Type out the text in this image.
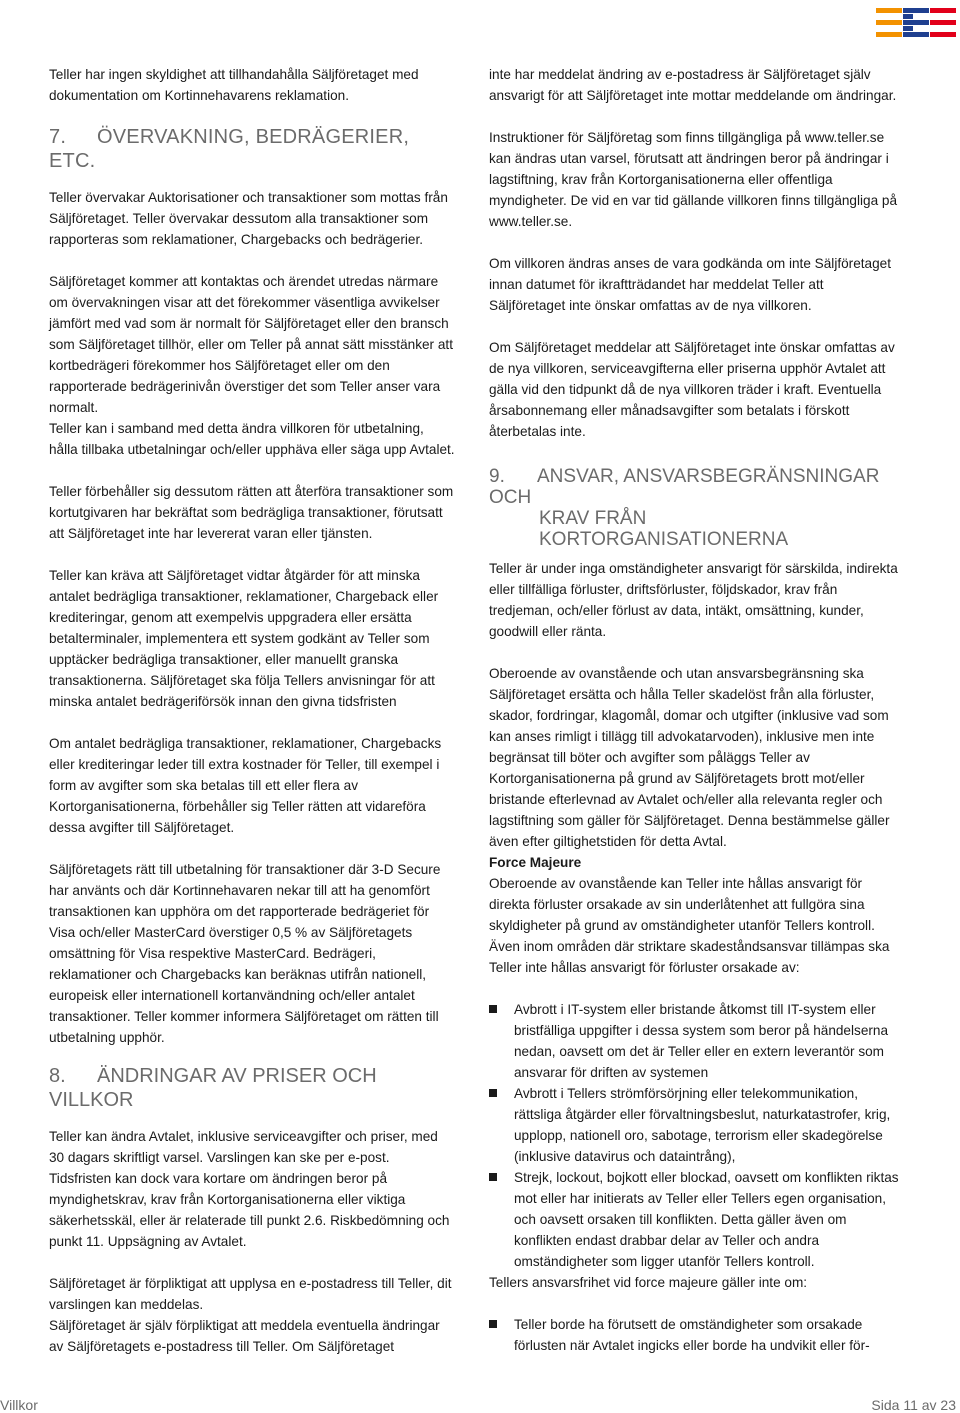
Teller har ingen skyldighet att tillhandahålla Säljföretaget med dokumentation om Kortinnehavarens reklamation.

7. ÖVERVAKNING, BEDRÄGERIER, ETC.

Teller övervakar Auktorisationer och transaktioner som mottas från Säljföretaget. Teller övervakar dessutom alla transaktioner som rapporteras som reklamationer, Chargebacks och bedrägerier.

Säljföretaget kommer att kontaktas och ärendet utredas närmare om övervakningen visar att det förekommer väsentliga avvikelser jämfört med vad som är normalt för Säljföretaget eller den bransch som Säljföretaget tillhör, eller om Teller på annat sätt misstänker att kortbedrägeri förekommer hos Säljföretaget eller om den rapporterade bedrägerinivån överstiger det som Teller anser vara normalt.

Teller kan i samband med detta ändra villkoren för utbetalning, hålla tillbaka utbetalningar och/eller upphäva eller säga upp Avtalet.

Teller förbehåller sig dessutom rätten att återföra transaktioner som kortutgivaren har bekräftat som bedrägliga transaktioner, förutsatt att Säljföretaget inte har levererat varan eller tjänsten.

Teller kan kräva att Säljföretaget vidtar åtgärder för att minska antalet bedrägliga transaktioner, reklamationer, Chargeback eller krediteringar, genom att exempelvis uppgradera eller ersätta betalterminaler, implementera ett system godkänt av Teller som upptäcker bedrägliga transaktioner, eller manuellt granska transaktionerna. Säljföretaget ska följa Tellers anvisningar för att minska antalet bedrägeriförsök innan den givna tidsfristen

Om antalet bedrägliga transaktioner, reklamationer, Chargebacks eller krediteringar leder till extra kostnader för Teller, till exempel i form av avgifter som ska betalas till ett eller flera av Kortorganisationerna, förbehåller sig Teller rätten att vidareföra dessa avgifter till Säljföretaget.

Säljföretagets rätt till utbetalning för transaktioner där 3-D Secure har använts och där Kortinnehavaren nekar till att ha genomfört transaktionen kan upphöra om det rapporterade bedrägeriet för Visa och/eller MasterCard överstiger 0,5 % av Säljföretagets omsättning för Visa respektive MasterCard. Bedrägeri, reklamationer och Chargebacks kan beräknas utifrån nationell, europeisk eller internationell kortanvändning och/eller antalet transaktioner. Teller kommer informera Säljföretaget om rätten till utbetalning upphör.

8. ÄNDRINGAR AV PRISER OCH VILLKOR

Teller kan ändra Avtalet, inklusive serviceavgifter och priser, med 30 dagars skriftligt varsel. Varslingen kan ske per e-post. Tidsfristen kan dock vara kortare om ändringen beror på myndighetskrav, krav från Kortorganisationerna eller viktiga säkerhetsskäl, eller är relaterade till punkt 2.6. Riskbedömning och punkt 11. Uppsägning av Avtalet.

Säljföretaget är förpliktigat att upplysa en e-postadress till Teller, dit varslingen kan meddelas.

Säljföretaget är själv förpliktigat att meddela eventuella ändringar av Säljföretagets e-postadress till Teller. Om Säljföretaget

inte har meddelat ändring av e-postadress är Säljföretaget själv ansvarigt för att Säljföretaget inte mottar meddelande om ändringar.

Instruktioner för Säljföretag som finns tillgängliga på www.teller.se kan ändras utan varsel, förutsatt att ändringen beror på ändringar i lagstiftning, krav från Kortorganisationerna eller offentliga myndigheter. De vid en var tid gällande villkoren finns tillgängliga på www.teller.se.

Om villkoren ändras anses de vara godkända om inte Säljföretaget innan datumet för ikraftträdandet har meddelat Teller att Säljföretaget inte önskar omfattas av de nya villkoren.

Om Säljföretaget meddelar att Säljföretaget inte önskar omfattas av de nya villkoren, serviceavgifterna eller priserna upphör Avtalet att gälla vid den tidpunkt då de nya villkoren träder i kraft. Eventuella årsabonnemang eller månadsavgifter som betalats i förskott återbetalas inte.

9. ANSVAR, ANSVARSBEGRÄNSNINGAR OCH
KRAV FRÅN KORTORGANISATIONERNA

Teller är under inga omständigheter ansvarigt för särskilda, indirekta eller tillfälliga förluster, driftsförluster, följdskador, krav från tredjeman, och/eller förlust av data, intäkt, omsättning, kunder, goodwill eller ränta.

Oberoende av ovanstående och utan ansvarsbegränsning ska Säljföretaget ersätta och hålla Teller skadelöst från alla förluster, skador, fordringar, klagomål, domar och utgifter (inklusive vad som kan anses rimligt i tillägg till advokatarvoden), inklusive men inte begränsat till böter och avgifter som påläggs Teller av Kortorganisationerna på grund av Säljföretagets brott mot/eller bristande efterlevnad av Avtalet och/eller alla relevanta regler och lagstiftning som gäller för Säljföretaget. Denna bestämmelse gäller även efter giltighetstiden för detta Avtal.

Force Majeure

Oberoende av ovanstående kan Teller inte hållas ansvarigt för direkta förluster orsakade av sin underlåtenhet att fullgöra sina skyldigheter på grund av omständigheter utanför Tellers kontroll. Även inom områden där striktare skadeståndsansvar tillämpas ska Teller inte hållas ansvarigt för förluster orsakade av:

Avbrott i IT-system eller bristande åtkomst till IT-system eller bristfälliga uppgifter i dessa system som beror på händelserna nedan, oavsett om det är Teller eller en extern leverantör som ansvarar för driften av systemen
Avbrott i Tellers strömförsörjning eller telekommunikation, rättsliga åtgärder eller förvaltningsbeslut, naturkatastrofer, krig, upplopp, nationell oro, sabotage, terrorism eller skadegörelse (inklusive datavirus och dataintrång),
Strejk, lockout, bojkott eller blockad, oavsett om konflikten riktas mot eller har initierats av Teller eller Tellers egen organisation, och oavsett orsaken till konflikten. Detta gäller även om konflikten endast drabbar delar av Teller och andra omständigheter som ligger utanför Tellers kontroll.

Tellers ansvarsfrihet vid force majeure gäller inte om:

Teller borde ha förutsett de omständigheter som orsakade förlusten när Avtalet ingicks eller borde ha undvikit eller för-
Villkor	Sida 11 av 23
